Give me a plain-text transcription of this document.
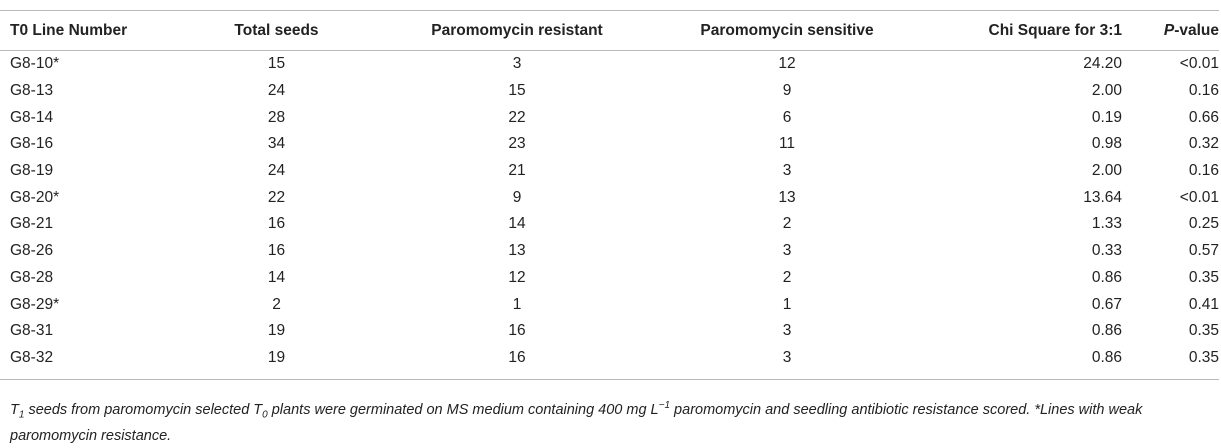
T0 Line Number	Total seeds	Paromomycin resistant	Paromomycin sensitive	Chi Square for 3:1	P-value
G8-10*	15	3	12	24.20	<0.01
G8-13	24	15	9	2.00	0.16
G8-14	28	22	6	0.19	0.66
G8-16	34	23	11	0.98	0.32
G8-19	24	21	3	2.00	0.16
G8-20*	22	9	13	13.64	<0.01
G8-21	16	14	2	1.33	0.25
G8-26	16	13	3	0.33	0.57
G8-28	14	12	2	0.86	0.35
G8-29*	2	1	1	0.67	0.41
G8-31	19	16	3	0.86	0.35
G8-32	19	16	3	0.86	0.35
$T_1$ seeds from paromomycin selected $T_0$ plants were germinated on MS medium containing 400 mg $L^{-1}$ paromomycin and seedling antibiotic resistance scored. *Lines with weak paromomycin resistance.
